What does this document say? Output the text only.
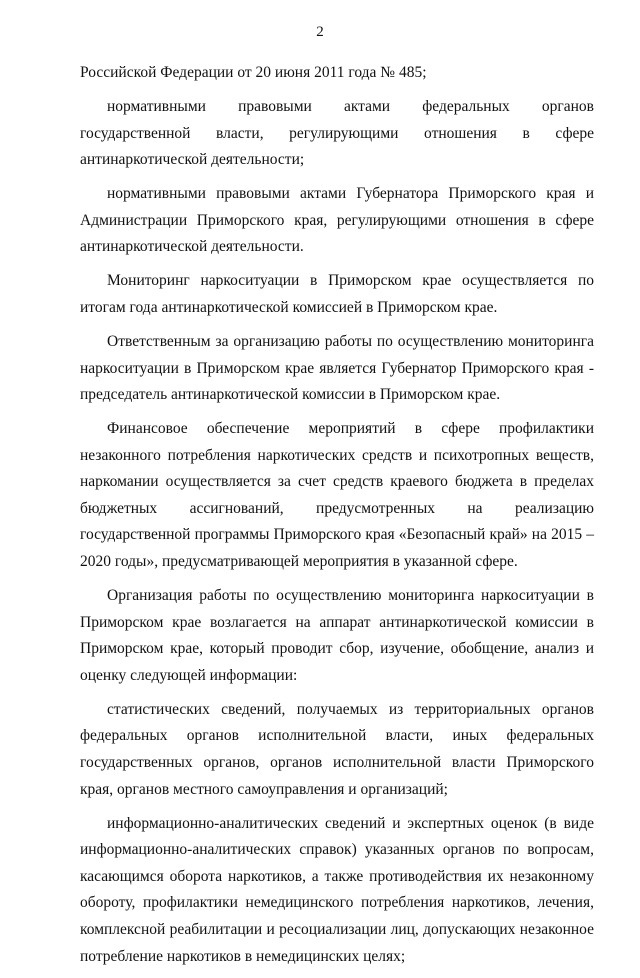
2

Российской Федерации от 20 июня 2011 года № 485;

нормативными правовыми актами федеральных органов государственной власти, регулирующими отношения в сфере антинаркотической деятельности;

нормативными правовыми актами Губернатора Приморского края и Администрации Приморского края, регулирующими отношения в сфере антинаркотической деятельности.

Мониторинг наркоситуации в Приморском крае осуществляется по итогам года антинаркотической комиссией в Приморском крае.

Ответственным за организацию работы по осуществлению мониторинга наркоситуации в Приморском крае является Губернатор Приморского края - председатель антинаркотической комиссии в Приморском крае.

Финансовое обеспечение мероприятий в сфере профилактики незаконного потребления наркотических средств и психотропных веществ, наркомании осуществляется за счет средств краевого бюджета в пределах бюджетных ассигнований, предусмотренных на реализацию государственной программы Приморского края «Безопасный край» на 2015 – 2020 годы», предусматривающей мероприятия в указанной сфере.

Организация работы по осуществлению мониторинга наркоситуации в Приморском крае возлагается на аппарат антинаркотической комиссии в Приморском крае, который проводит сбор, изучение, обобщение, анализ и оценку следующей информации:

статистических сведений, получаемых из территориальных органов федеральных органов исполнительной власти, иных федеральных государственных органов, органов исполнительной власти Приморского края, органов местного самоуправления и организаций;

информационно-аналитических сведений и экспертных оценок (в виде информационно-аналитических справок) указанных органов по вопросам, касающимся оборота наркотиков, а также противодействия их незаконному обороту, профилактики немедицинского потребления наркотиков, лечения, комплексной реабилитации и ресоциализации лиц, допускающих незаконное потребление наркотиков в немедицинских целях;
